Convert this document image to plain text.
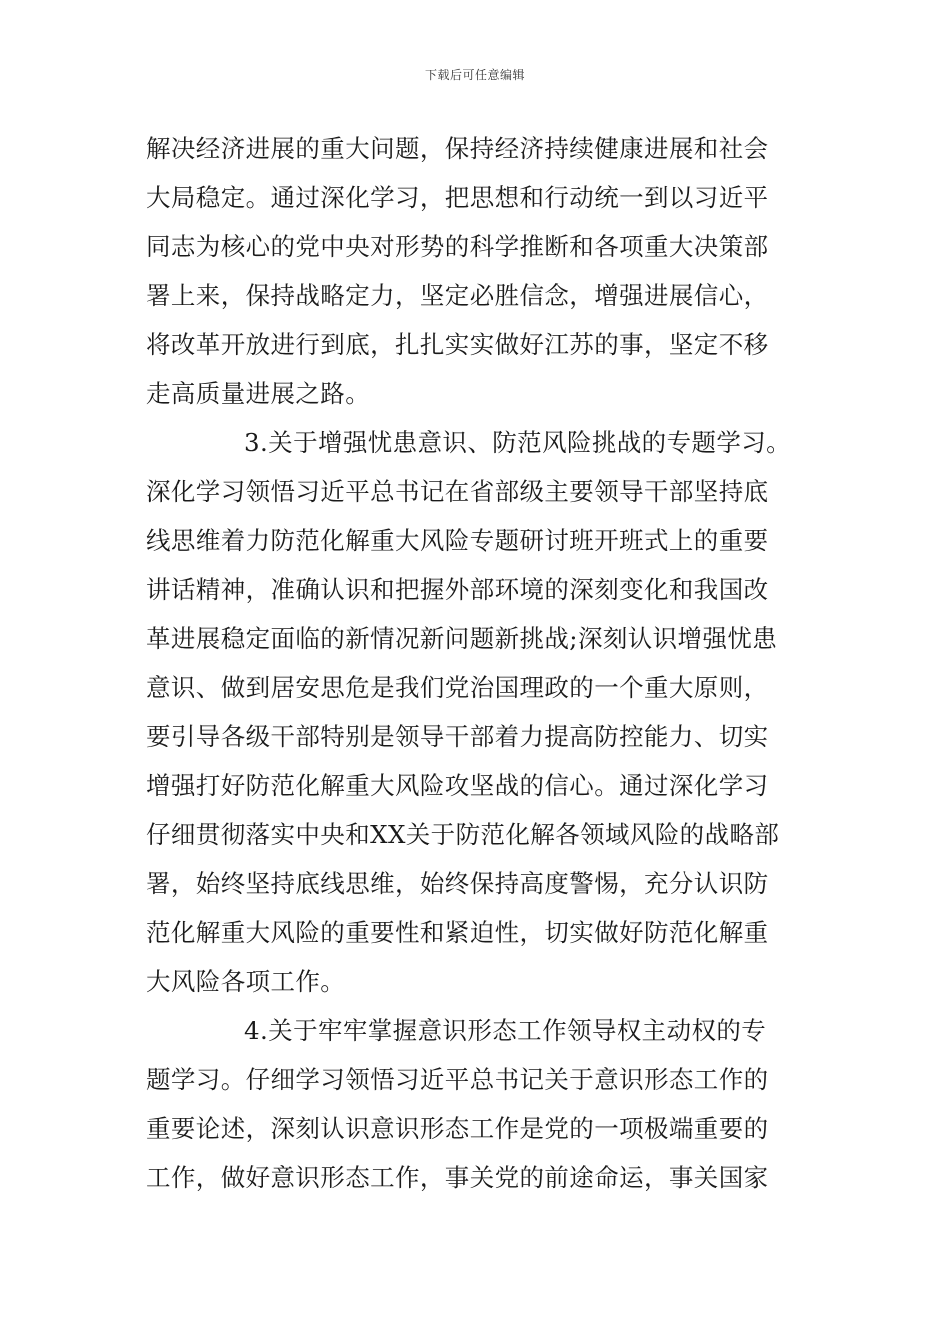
下载后可任意编辑
解决经济进展的重大问题，保持经济持续健康进展和社会
大局稳定。通过深化学习，把思想和行动统一到以习近平
同志为核心的党中央对形势的科学推断和各项重大决策部
署上来，保持战略定力，坚定必胜信念，增强进展信心，
将改革开放进行到底，扎扎实实做好江苏的事，坚定不移
走高质量进展之路。
3.关于增强忧患意识、防范风险挑战的专题学习。
深化学习领悟习近平总书记在省部级主要领导干部坚持底
线思维着力防范化解重大风险专题研讨班开班式上的重要
讲话精神，准确认识和把握外部环境的深刻变化和我国改
革进展稳定面临的新情况新问题新挑战;深刻认识增强忧患
意识、做到居安思危是我们党治国理政的一个重大原则，
要引导各级干部特别是领导干部着力提高防控能力、切实
增强打好防范化解重大风险攻坚战的信心。通过深化学习
仔细贯彻落实中央和XX关于防范化解各领域风险的战略部
署，始终坚持底线思维，始终保持高度警惕，充分认识防
范化解重大风险的重要性和紧迫性，切实做好防范化解重
大风险各项工作。
4.关于牢牢掌握意识形态工作领导权主动权的专
题学习。仔细学习领悟习近平总书记关于意识形态工作的
重要论述，深刻认识意识形态工作是党的一项极端重要的
工作，做好意识形态工作，事关党的前途命运，事关国家
